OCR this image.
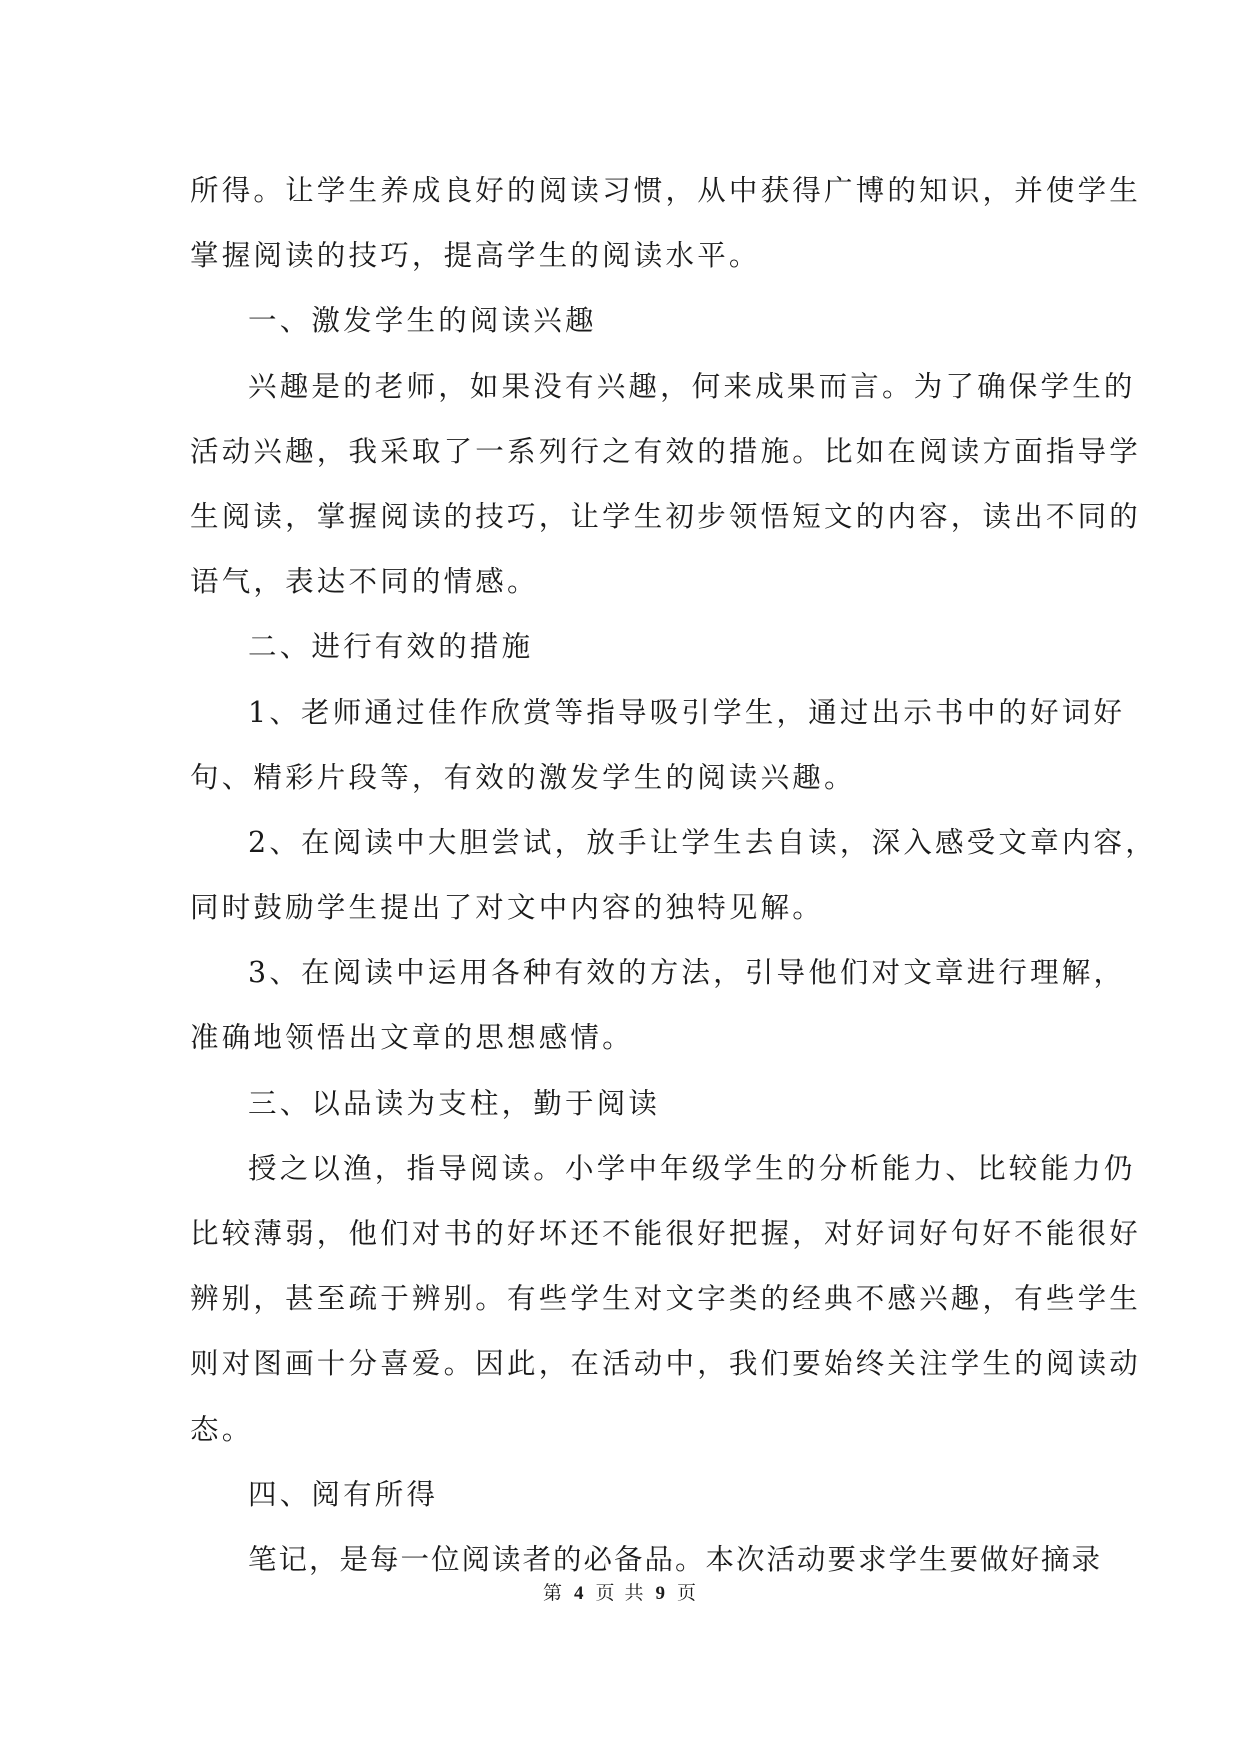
所得。让学生养成良好的阅读习惯，从中获得广博的知识，并使学生
掌握阅读的技巧，提高学生的阅读水平。
一、激发学生的阅读兴趣
兴趣是的老师，如果没有兴趣，何来成果而言。为了确保学生的
活动兴趣，我采取了一系列行之有效的措施。比如在阅读方面指导学
生阅读，掌握阅读的技巧，让学生初步领悟短文的内容，读出不同的
语气，表达不同的情感。
二、进行有效的措施
1、老师通过佳作欣赏等指导吸引学生，通过出示书中的好词好
句、精彩片段等，有效的激发学生的阅读兴趣。
2、在阅读中大胆尝试，放手让学生去自读，深入感受文章内容，
同时鼓励学生提出了对文中内容的独特见解。
3、在阅读中运用各种有效的方法，引导他们对文章进行理解，
准确地领悟出文章的思想感情。
三、以品读为支柱，勤于阅读
授之以渔，指导阅读。小学中年级学生的分析能力、比较能力仍
比较薄弱，他们对书的好坏还不能很好把握，对好词好句好不能很好
辨别，甚至疏于辨别。有些学生对文字类的经典不感兴趣，有些学生
则对图画十分喜爱。因此，在活动中，我们要始终关注学生的阅读动
态。
四、阅有所得
笔记，是每一位阅读者的必备品。本次活动要求学生要做好摘录
第 4 页 共 9 页
